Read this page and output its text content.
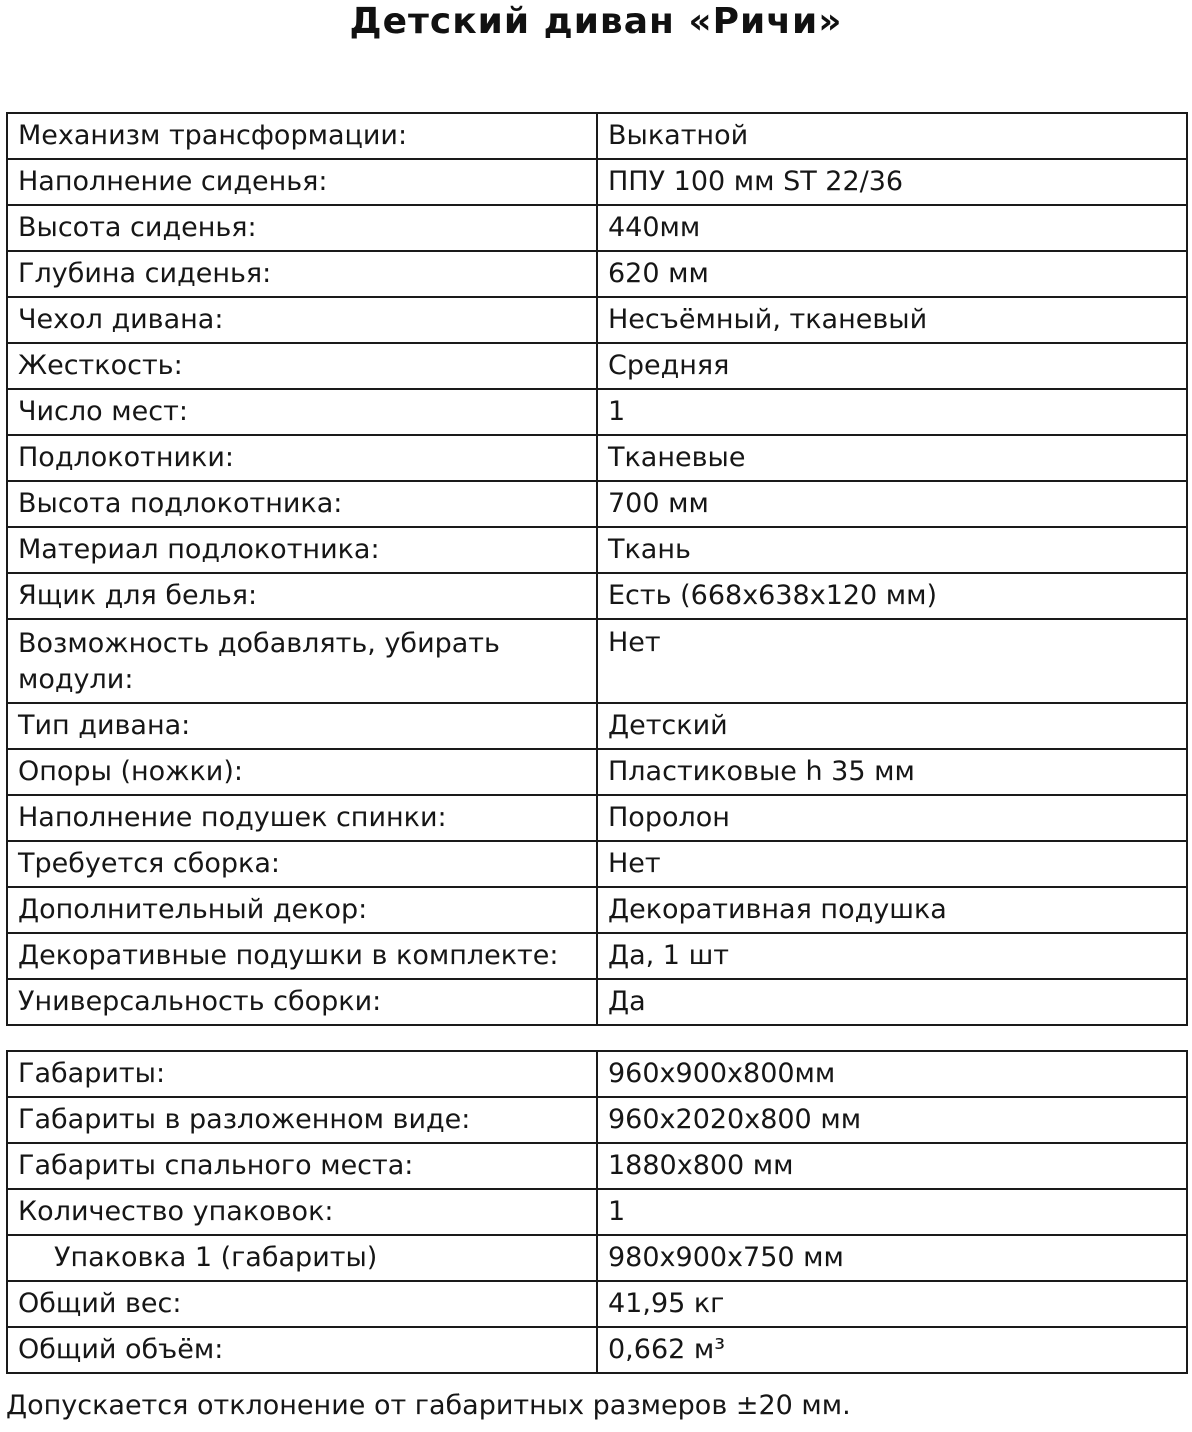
Детский диван «Ричи»
Механизм трансформации:	Выкатной
Наполнение сиденья:	ППУ 100 мм ST 22/36
Высота сиденья:	440мм
Глубина сиденья:	620 мм
Чехол дивана:	Несъёмный, тканевый
Жесткость:	Средняя
Число мест:	1
Подлокотники:	Тканевые
Высота подлокотника:	700 мм
Материал подлокотника:	Ткань
Ящик для белья:	Есть (668х638х120 мм)
Возможность добавлять, убирать модули:	Нет
Тип дивана:	Детский
Опоры (ножки):	Пластиковые h 35 мм
Наполнение подушек спинки:	Поролон
Требуется сборка:	Нет
Дополнительный декор:	Декоративная подушка
Декоративные подушки в комплекте:	Да, 1 шт
Универсальность сборки:	Да
Габариты:	960х900х800мм
Габариты в разложенном виде:	960х2020х800 мм
Габариты спального места:	1880х800 мм
Количество упаковок:	1
Упаковка 1 (габариты)	980х900х750 мм
Общий вес:	41,95 кг
Общий объём:	0,662 м³
Допускается отклонение от габаритных размеров ±20 мм.
